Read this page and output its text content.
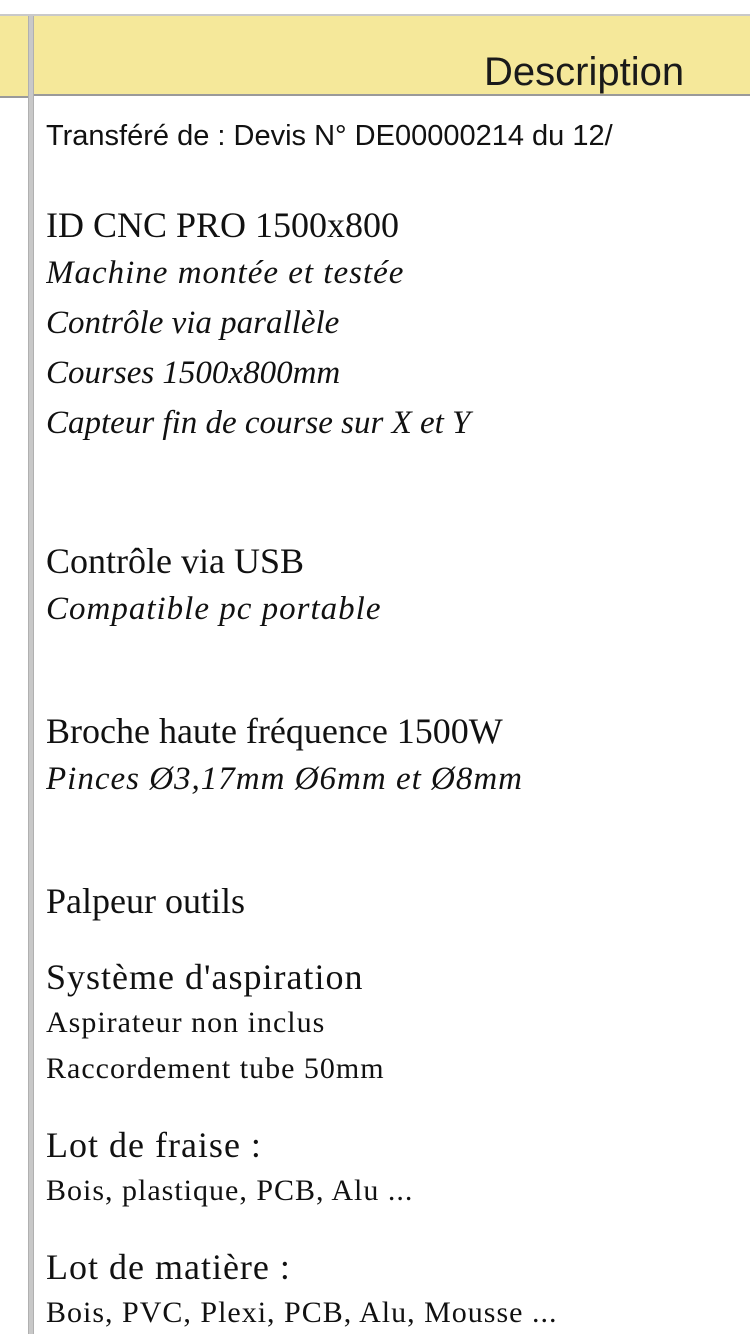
Description
Transféré de : Devis N° DE00000214 du 12/
ID CNC PRO 1500x800
Machine montée et testée
Contrôle via parallèle
Courses 1500x800mm
Capteur fin de course sur X et Y
Contrôle via USB
Compatible pc portable
Broche haute fréquence 1500W
Pinces Ø3,17mm Ø6mm et Ø8mm
Palpeur outils
Système d'aspiration
Aspirateur non inclus
Raccordement tube 50mm
Lot de fraise :
Bois, plastique, PCB, Alu ...
Lot de matière :
Bois, PVC, Plexi, PCB, Alu, Mousse ...
